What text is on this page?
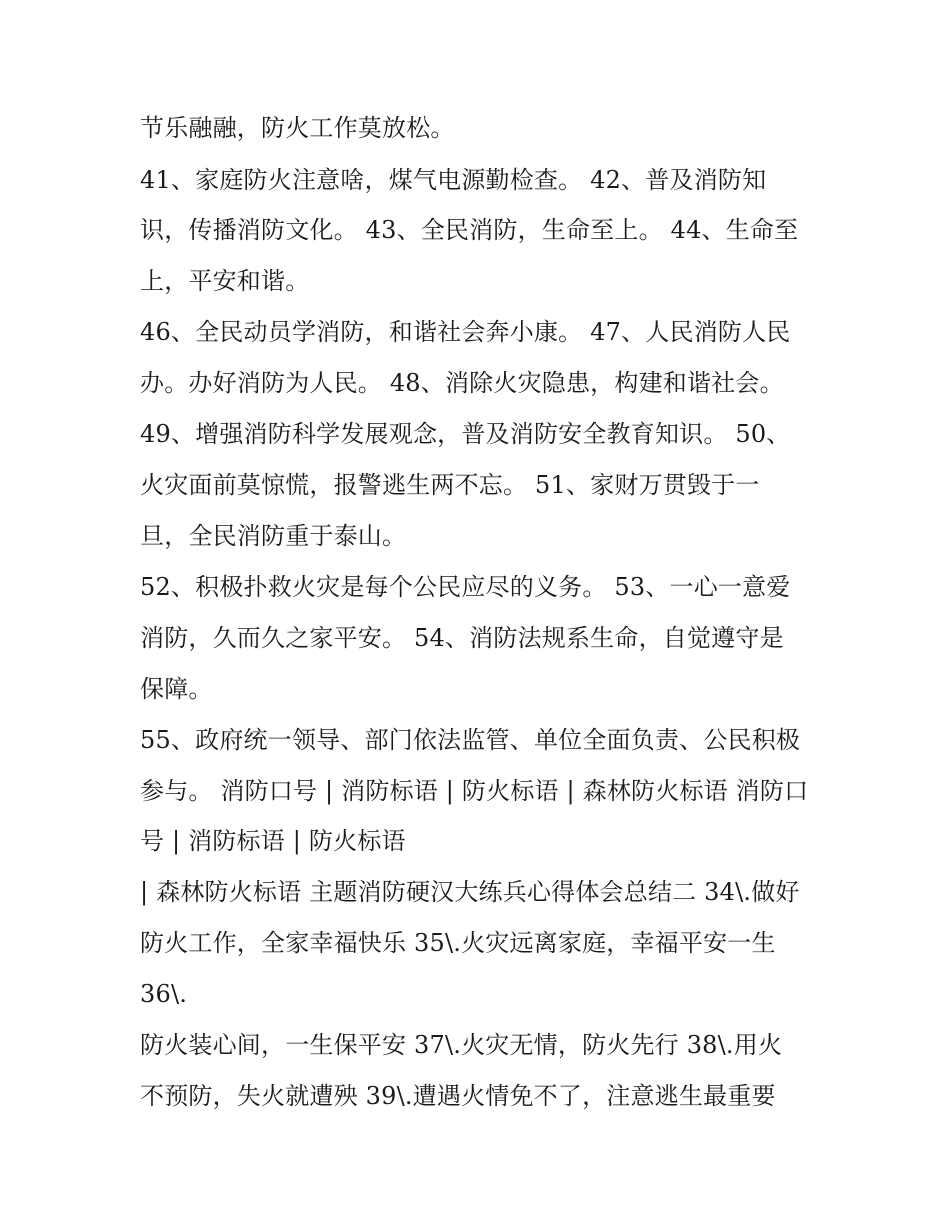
节乐融融，防火工作莫放松。
41、家庭防火注意啥，煤气电源勤检查。 42、普及消防知
识，传播消防文化。 43、全民消防，生命至上。 44、生命至
上，平安和谐。
46、全民动员学消防，和谐社会奔小康。 47、人民消防人民
办。办好消防为人民。 48、消除火灾隐患，构建和谐社会。
49、增强消防科学发展观念，普及消防安全教育知识。 50、
火灾面前莫惊慌，报警逃生两不忘。 51、家财万贯毁于一
旦，全民消防重于泰山。
52、积极扑救火灾是每个公民应尽的义务。 53、一心一意爱
消防，久而久之家平安。 54、消防法规系生命，自觉遵守是
保障。
55、政府统一领导、部门依法监管、单位全面负责、公民积极
参与。 消防口号 | 消防标语 | 防火标语 | 森林防火标语 消防口
号 | 消防标语 | 防火标语
| 森林防火标语 主题消防硬汉大练兵心得体会总结二 34\.做好
防火工作，全家幸福快乐 35\.火灾远离家庭，幸福平安一生
36\.
防火装心间，一生保平安 37\.火灾无情，防火先行 38\.用火
不预防，失火就遭殃 39\.遭遇火情免不了，注意逃生最重要
